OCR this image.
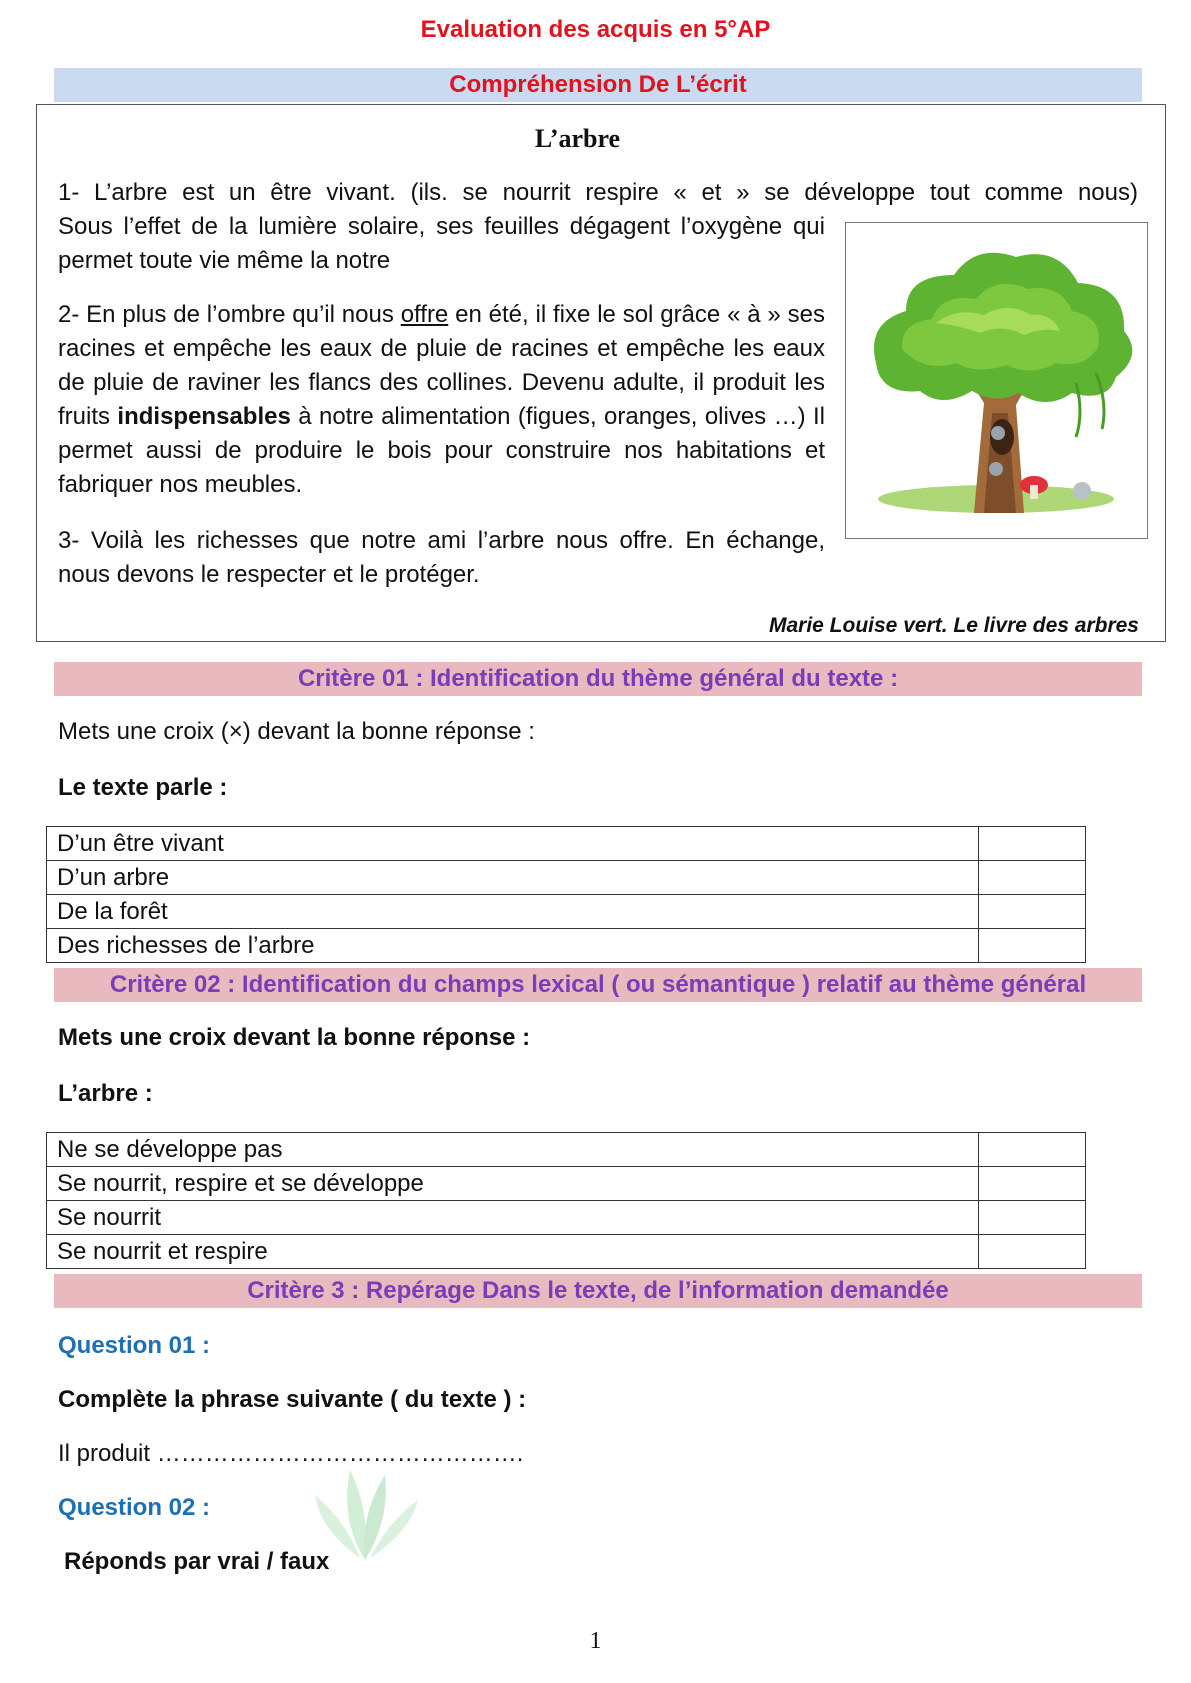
Evaluation des acquis en 5°AP
Compréhension De L’écrit
L’arbre
1- L’arbre est un être vivant. (ils. se nourrit respire « et » se développe tout comme nous)
Sous l’effet de la lumière solaire, ses feuilles dégagent l’oxygène qui permet toute vie même la notre
2- En plus de l’ombre qu’il nous offre en été, il fixe le sol grâce « à » ses racines et empêche les eaux de pluie de racines et empêche les eaux de pluie de raviner les flancs des collines. Devenu adulte, il produit les fruits indispensables à notre alimentation (figues, oranges, olives …) Il permet aussi de produire le bois pour construire nos habitations et fabriquer nos meubles.
3- Voilà les richesses que notre ami l’arbre nous offre. En échange, nous devons le respecter et le protéger.
Marie Louise vert. Le livre des arbres
Critère 01 : Identification du thème général du texte :
Mets une croix (×) devant la bonne réponse :
Le texte parle :
D’un être vivant	
D’un arbre	
De la forêt	
Des richesses de l’arbre	
Critère 02 : Identification du champs lexical ( ou sémantique ) relatif au thème général
Mets une croix devant la bonne réponse :
L’arbre :
Ne se développe pas	
Se nourrit, respire et se développe	
Se nourrit	
Se nourrit et respire	
Critère 3 : Repérage Dans le texte, de l’information demandée
Question 01 :
Complète la phrase suivante ( du texte ) :
Il produit ……………………………………….
Question 02 :
Réponds par vrai / faux
1
